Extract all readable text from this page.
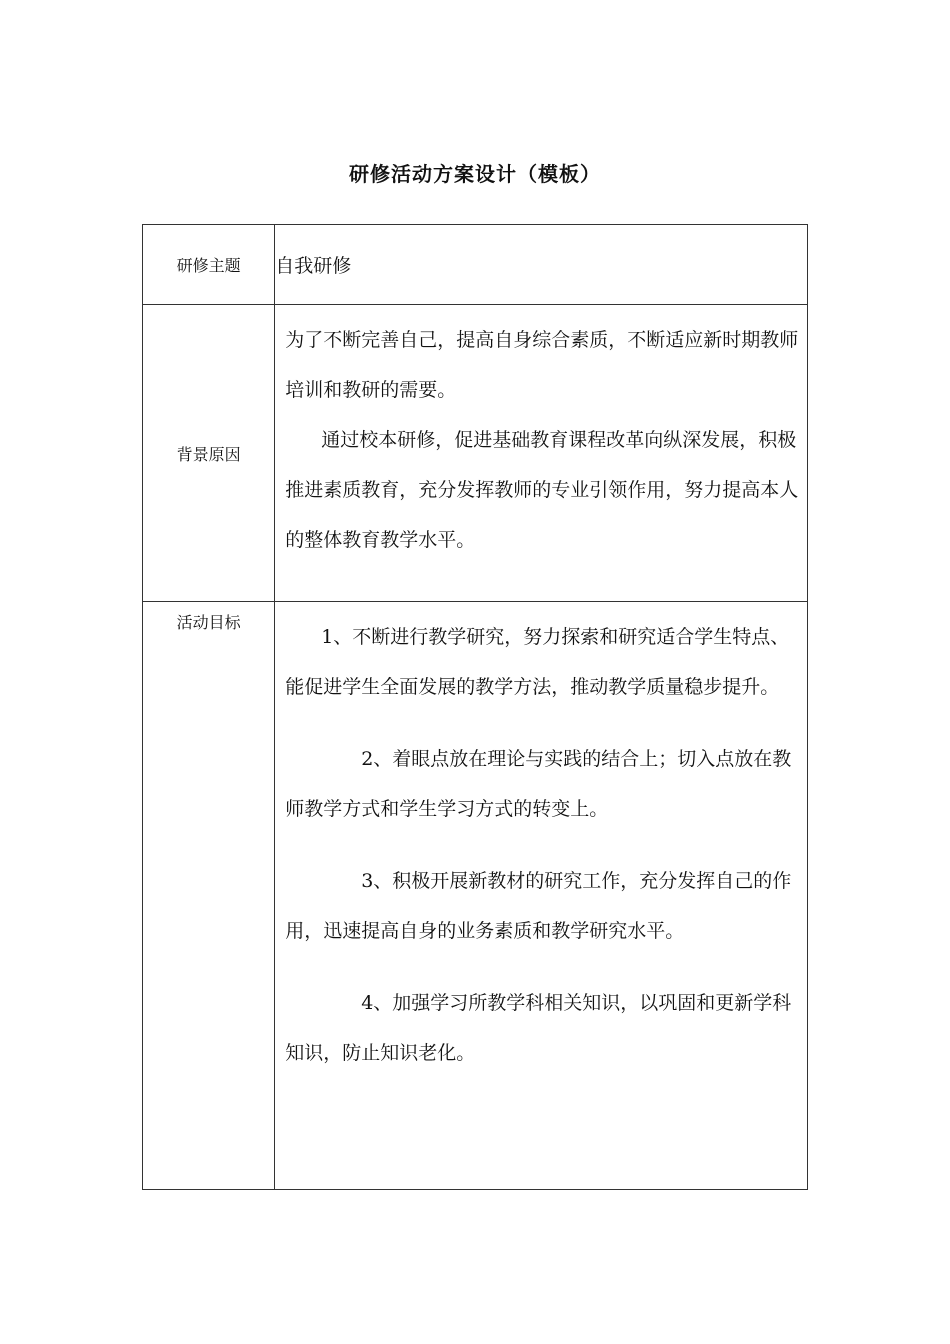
研修活动方案设计（模板）
研修主题	自我研修
背景原因	为了不断完善自己，提高自身综合素质，不断适应新时期教师培训和教研的需要。

通过校本研修，促进基础教育课程改革向纵深发展，积极推进素质教育，充分发挥教师的专业引领作用，努力提高本人的整体教育教学水平。

活动目标	1、不断进行教学研究，努力探索和研究适合学生特点、能促进学生全面发展的教学方法，推动教学质量稳步提升。

2、着眼点放在理论与实践的结合上；切入点放在教师教学方式和学生学习方式的转变上。

3、积极开展新教材的研究工作，充分发挥自己的作用，迅速提高自身的业务素质和教学研究水平。

4、加强学习所教学科相关知识，以巩固和更新学科知识，防止知识老化。
